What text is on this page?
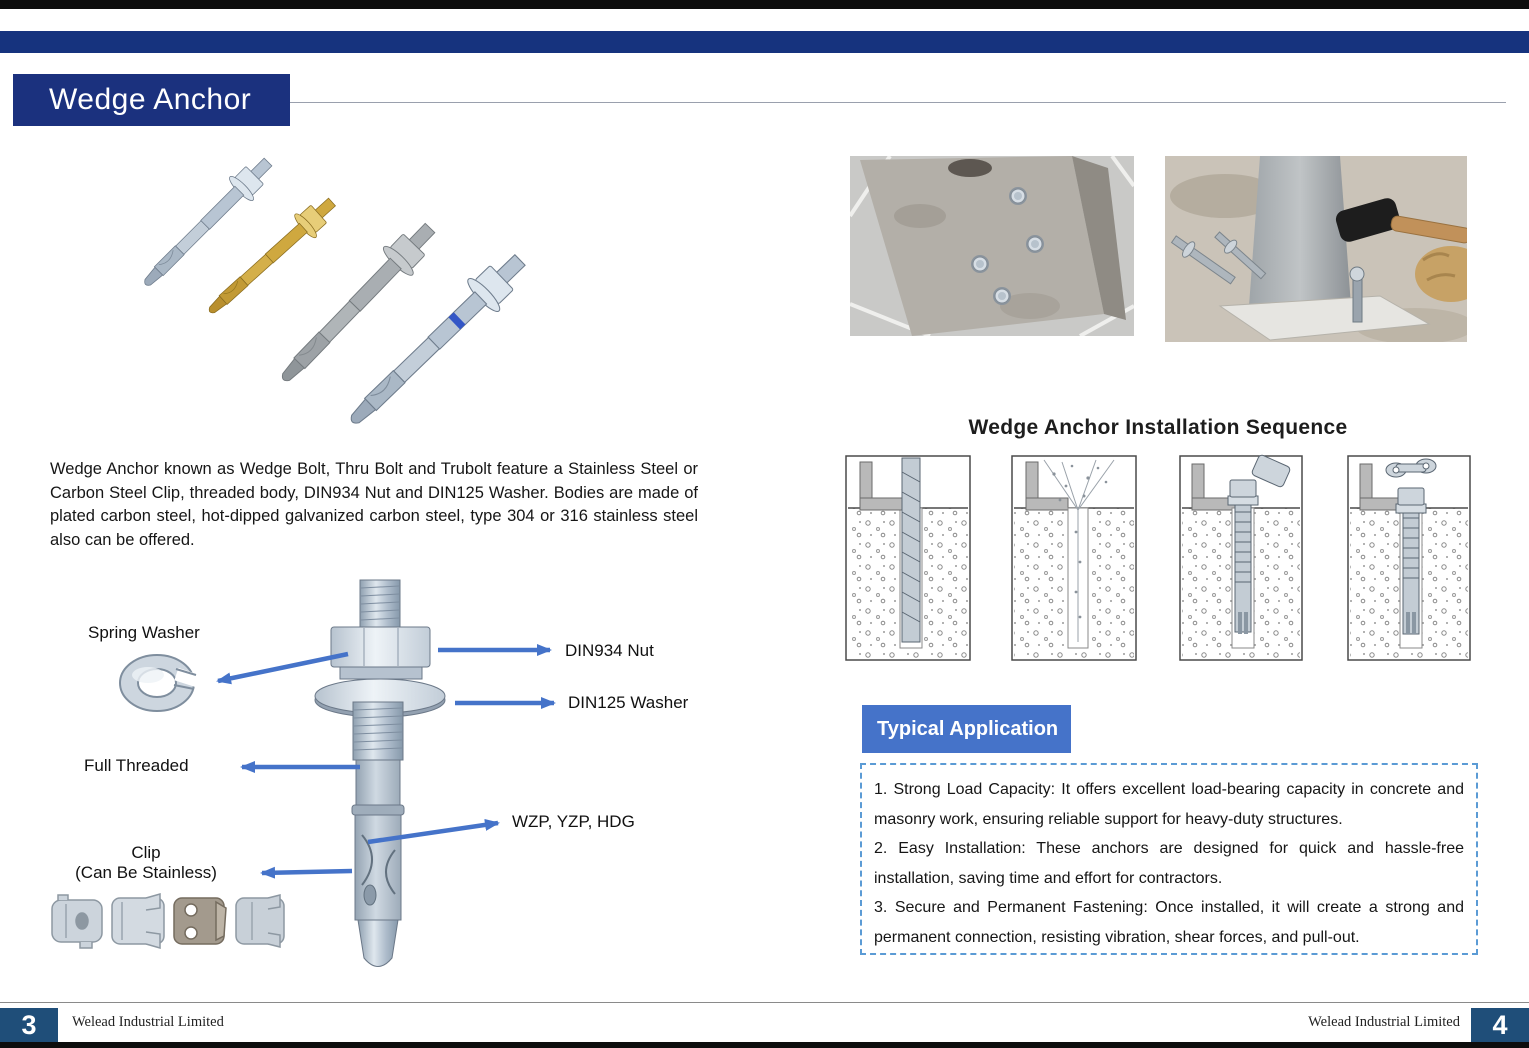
Wedge Anchor
Wedge Anchor known as Wedge Bolt, Thru Bolt and Trubolt feature a Stainless Steel or Carbon Steel Clip, threaded body, DIN934 Nut and DIN125 Washer. Bodies are made of plated carbon steel, hot-dipped galvanized carbon steel, type 304 or 316 stainless steel also can be offered.
Spring Washer
DIN934 Nut
DIN125 Washer
Full Threaded
WZP, YZP, HDG
Clip
(Can Be Stainless)
Wedge Anchor Installation Sequence
Typical Application

1. Strong Load Capacity: It offers excellent load-bearing capacity in concrete and masonry work, ensuring reliable support for heavy-duty structures.

2. Easy Installation: These anchors are designed for quick and hassle-free installation, saving time and effort for contractors.

3. Secure and Permanent Fastening: Once installed, it will create a strong and permanent connection, resisting vibration, shear forces, and pull-out.

3	Welead Industrial Limited	Welead Industrial Limited	4
